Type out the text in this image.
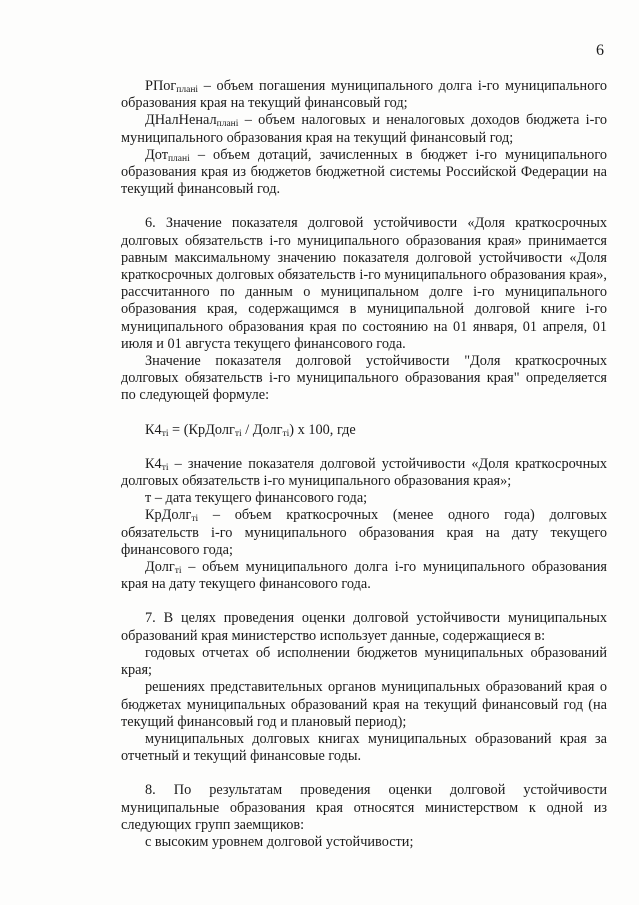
6

РПог$_{плані}$ – объем погашения муниципального долга i-го муниципального образования края на текущий финансовый год;

ДНалНенал$_{плані}$ – объем налоговых и неналоговых доходов бюджета i-го муниципального образования края на текущий финансовый год;

Дот$_{плані}$ – объем дотаций, зачисленных в бюджет i-го муниципального образования края из бюджетов бюджетной системы Российской Федерации на текущий финансовый год.

6. Значение показателя долговой устойчивости «Доля краткосрочных долговых обязательств i-го муниципального образования края» принимается равным максимальному значению показателя долговой устойчивости «Доля краткосрочных долговых обязательств i-го муниципального образования края», рассчитанного по данным о муниципальном долге i-го муниципального образования края, содержащимся в муниципальной долговой книге i-го муниципального образования края по состоянию на 01 января, 01 апреля, 01 июля и 01 августа текущего финансового года.

Значение показателя долговой устойчивости "Доля краткосрочных долговых обязательств i-го муниципального образования края" определяется по следующей формуле:

$К4_{тi}$ = (КрДолг$_{тi}$ / Долг$_{тi}$) x 100, где

$К4_{тi}$ – значение показателя долговой устойчивости «Доля краткосрочных долговых обязательств i-го муниципального образования края»;

т – дата текущего финансового года;

КрДолг$_{тi}$ – объем краткосрочных (менее одного года) долговых обязательств i-го муниципального образования края на дату текущего финансового года;

Долг$_{тi}$ – объем муниципального долга i-го муниципального образования края на дату текущего финансового года.

7. В целях проведения оценки долговой устойчивости муниципальных образований края министерство использует данные, содержащиеся в:

годовых отчетах об исполнении бюджетов муниципальных образований края;

решениях представительных органов муниципальных образований края о бюджетах муниципальных образований края на текущий финансовый год (на текущий финансовый год и плановый период);

муниципальных долговых книгах муниципальных образований края за отчетный и текущий финансовые годы.

8. По результатам проведения оценки долговой устойчивости муниципальные образования края относятся министерством к одной из следующих групп заемщиков:

с высоким уровнем долговой устойчивости;
